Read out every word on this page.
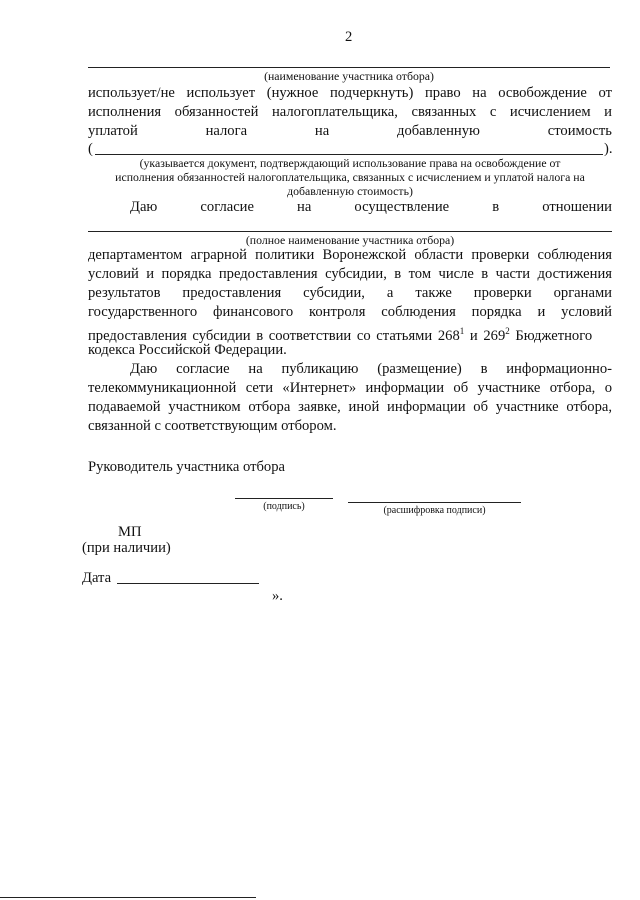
2
(наименование участника отбора)
использует/не использует (нужное подчеркнуть) право на освобождение от
исполнения обязанностей налогоплательщика, связанных с исчислением и
уплатой	налога	на	добавленную	стоимость
(	).
(указывается документ, подтверждающий использование права на освобождение от
исполнения обязанностей налогоплательщика, связанных с исчислением и уплатой налога на
добавленную стоимость)
Даю	согласие	на	осуществление	в	отношении
(полное наименование участника отбора)
департаментом аграрной политики Воронежской области проверки соблюдения
условий и порядка предоставления субсидии, в том числе в части достижения
результатов предоставления субсидии, а также проверки органами
государственного финансового контроля соблюдения порядка и условий
предоставления субсидии в соответствии со статьями $268^1$ и $269^2$ Бюджетного
кодекса Российской Федерации.
Даю согласие на публикацию (размещение) в информационно-
телекоммуникационной сети «Интернет» информации об участнике отбора, о
подаваемой участником отбора заявке, иной информации об участнике отбора,
связанной с соответствующим отбором.
Руководитель участника отбора
(подпись)	(расшифровка подписи)
МП
(при наличии)
Дата
».
